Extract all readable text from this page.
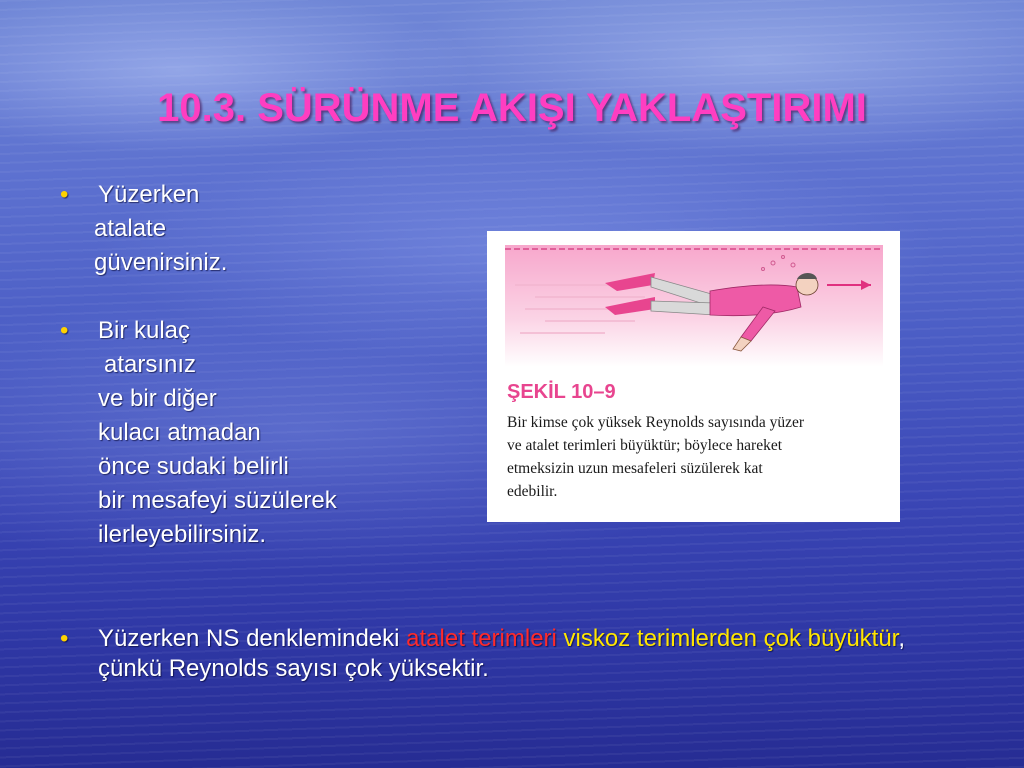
10.3. SÜRÜNME AKIŞI YAKLAŞTIRIMI
• Yüzerken
atalate
güvenirsiniz.
• Bir kulaç
atarsınız
ve bir diğer
kulacı atmadan
önce sudaki belirli
bir mesafeyi süzülerek
ilerleyebilirsiniz.
ŞEKİL 10–9
Bir kimse çok yüksek Reynolds sayısında yüzer
ve atalet terimleri büyüktür; böylece hareket
etmeksizin uzun mesafeleri süzülerek kat
edebilir.
• Yüzerken NS denklemindeki atalet terimleri viskoz terimlerden çok büyüktür, çünkü Reynolds sayısı çok yüksektir.
